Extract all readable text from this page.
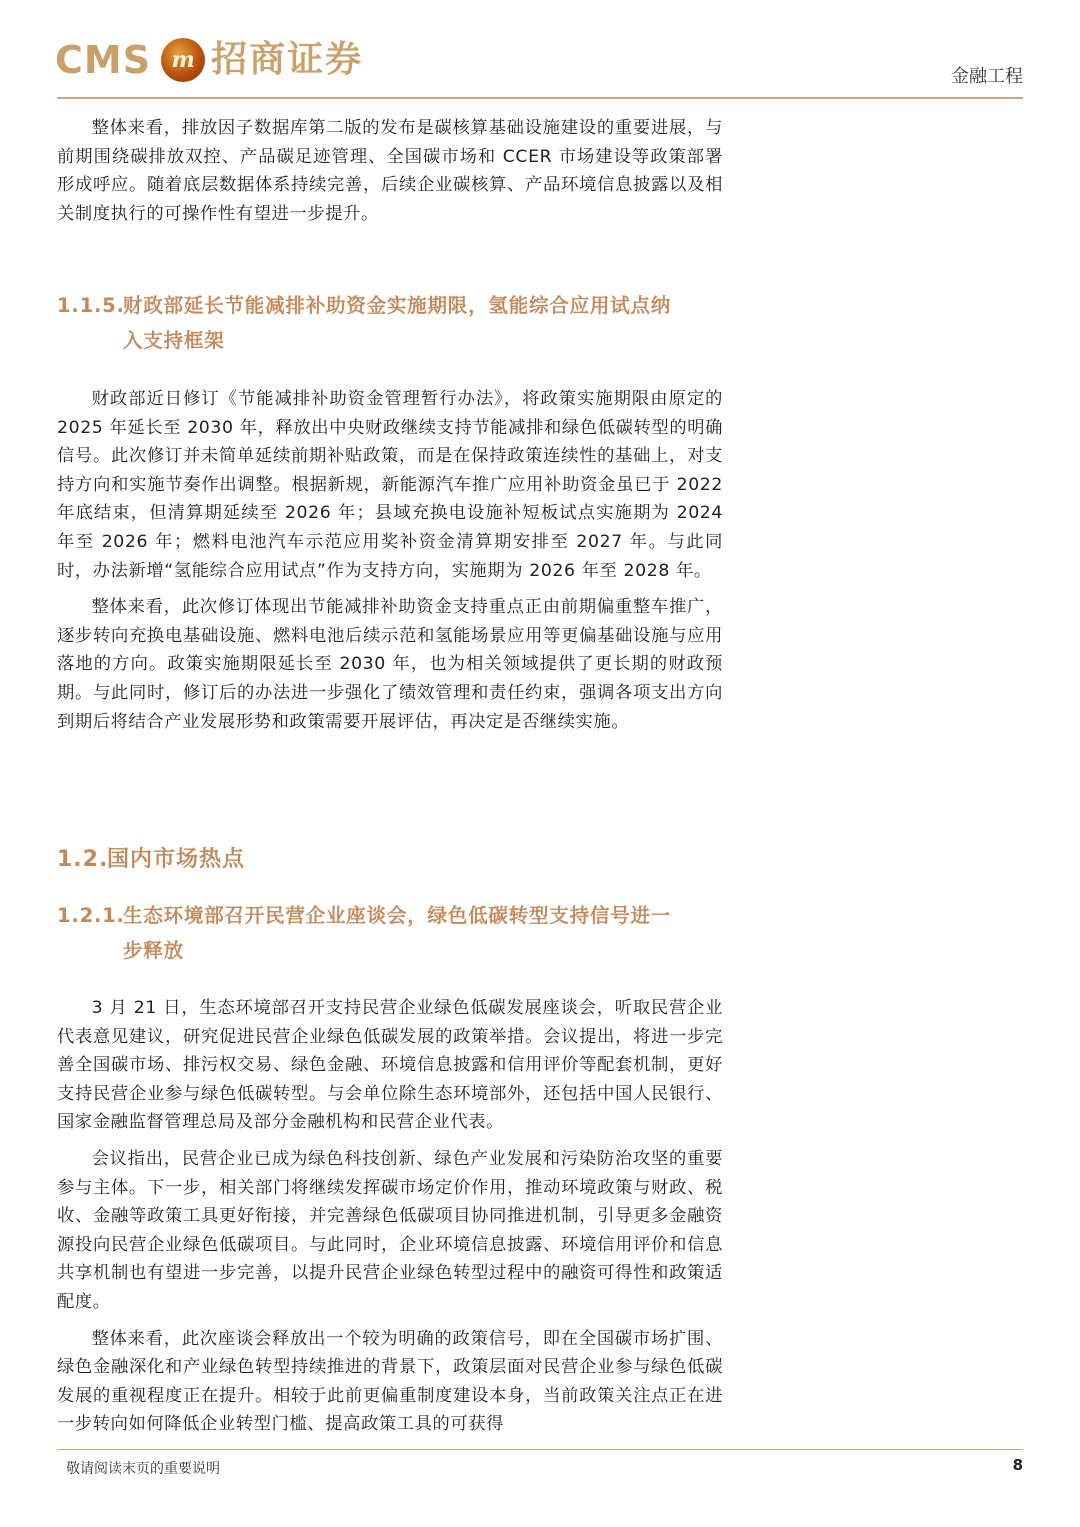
CMS m 招商证券	金融工程

整体来看，排放因子数据库第二版的发布是碳核算基础设施建设的重要进展，与前期围绕碳排放双控、产品碳足迹管理、全国碳市场和 CCER 市场建设等政策部署形成呼应。随着底层数据体系持续完善，后续企业碳核算、产品环境信息披露以及相关制度执行的可操作性有望进一步提升。

1.1.5.财政部延长节能减排补助资金实施期限，氢能综合应用试点纳
入支持框架

财政部近日修订《节能减排补助资金管理暂行办法》，将政策实施期限由原定的 2025 年延长至 2030 年，释放出中央财政继续支持节能减排和绿色低碳转型的明确信号。此次修订并未简单延续前期补贴政策，而是在保持政策连续性的基础上，对支持方向和实施节奏作出调整。根据新规，新能源汽车推广应用补助资金虽已于 2022 年底结束，但清算期延续至 2026 年；县域充换电设施补短板试点实施期为 2024 年至 2026 年；燃料电池汽车示范应用奖补资金清算期安排至 2027 年。与此同时，办法新增“氢能综合应用试点”作为支持方向，实施期为 2026 年至 2028 年。

整体来看，此次修订体现出节能减排补助资金支持重点正由前期偏重整车推广，逐步转向充换电基础设施、燃料电池后续示范和氢能场景应用等更偏基础设施与应用落地的方向。政策实施期限延长至 2030 年，也为相关领域提供了更长期的财政预期。与此同时，修订后的办法进一步强化了绩效管理和责任约束，强调各项支出方向到期后将结合产业发展形势和政策需要开展评估，再决定是否继续实施。

1.2.国内市场热点
1.2.1.生态环境部召开民营企业座谈会，绿色低碳转型支持信号进一
步释放

3 月 21 日，生态环境部召开支持民营企业绿色低碳发展座谈会，听取民营企业代表意见建议，研究促进民营企业绿色低碳发展的政策举措。会议提出，将进一步完善全国碳市场、排污权交易、绿色金融、环境信息披露和信用评价等配套机制，更好支持民营企业参与绿色低碳转型。与会单位除生态环境部外，还包括中国人民银行、国家金融监督管理总局及部分金融机构和民营企业代表。

会议指出，民营企业已成为绿色科技创新、绿色产业发展和污染防治攻坚的重要参与主体。下一步，相关部门将继续发挥碳市场定价作用，推动环境政策与财政、税收、金融等政策工具更好衔接，并完善绿色低碳项目协同推进机制，引导更多金融资源投向民营企业绿色低碳项目。与此同时，企业环境信息披露、环境信用评价和信息共享机制也有望进一步完善，以提升民营企业绿色转型过程中的融资可得性和政策适配度。

整体来看，此次座谈会释放出一个较为明确的政策信号，即在全国碳市场扩围、绿色金融深化和产业绿色转型持续推进的背景下，政策层面对民营企业参与绿色低碳发展的重视程度正在提升。相较于此前更偏重制度建设本身，当前政策关注点正在进一步转向如何降低企业转型门槛、提高政策工具的可获得

敬请阅读末页的重要说明	8
